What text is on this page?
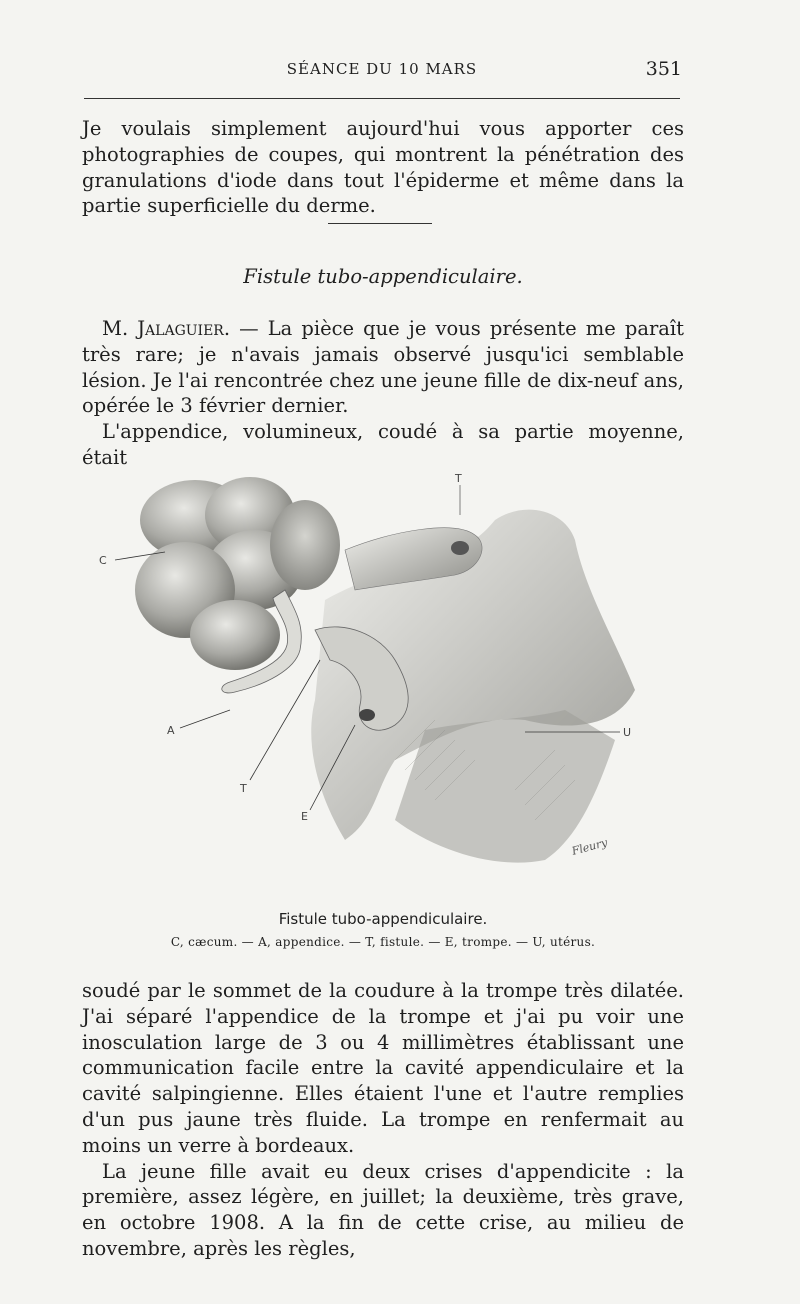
SÉANCE DU 10 MARS	351

Je voulais simplement aujourd'hui vous apporter ces photographies de coupes, qui montrent la pénétration des granulations d'iode dans tout l'épiderme et même dans la partie superficielle du derme.

Fistule tubo-appendiculaire.

M. Jalaguier. — La pièce que je vous présente me paraît très rare; je n'avais jamais observé jusqu'ici semblable lésion. Je l'ai rencontrée chez une jeune fille de dix-neuf ans, opérée le 3 février dernier.

L'appendice, volumineux, coudé à sa partie moyenne, était

C
A
T
E
U
T
Fleury
Fistule tubo-appendiculaire.
C, cæcum. — A, appendice. — T, fistule. — E, trompe. — U, utérus.

soudé par le sommet de la coudure à la trompe très dilatée. J'ai séparé l'appendice de la trompe et j'ai pu voir une inosculation large de 3 ou 4 millimètres établissant une communication facile entre la cavité appendiculaire et la cavité salpingienne. Elles étaient l'une et l'autre remplies d'un pus jaune très fluide. La trompe en renfermait au moins un verre à bordeaux.

La jeune fille avait eu deux crises d'appendicite : la première, assez légère, en juillet; la deuxième, très grave, en octobre 1908. A la fin de cette crise, au milieu de novembre, après les règles,
